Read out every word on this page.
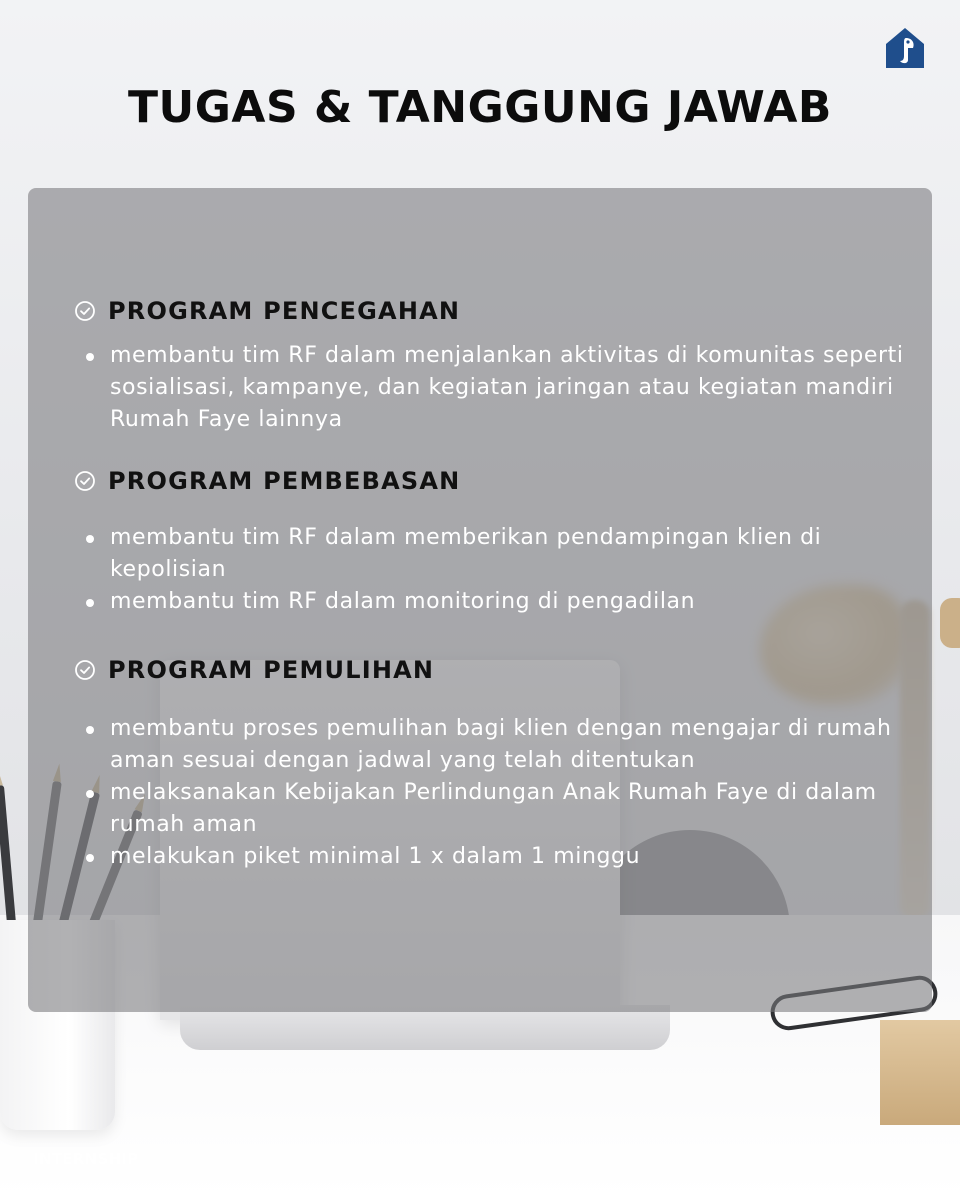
TUGAS & TANGGUNG JAWAB
PROGRAM PENCEGAHAN
membantu tim RF dalam menjalankan aktivitas di komunitas seperti sosialisasi, kampanye, dan kegiatan jaringan atau kegiatan mandiri Rumah Faye lainnya
PROGRAM PEMBEBASAN
membantu tim RF dalam memberikan pendampingan klien di kepolisian
membantu tim RF dalam monitoring di pengadilan
PROGRAM PEMULIHAN
membantu proses pemulihan bagi klien dengan mengajar di rumah aman sesuai dengan jadwal yang telah ditentukan
melaksanakan Kebijakan Perlindungan Anak Rumah Faye di dalam rumah aman
melakukan piket minimal 1 x dalam 1 minggu
INTERNSHIP
